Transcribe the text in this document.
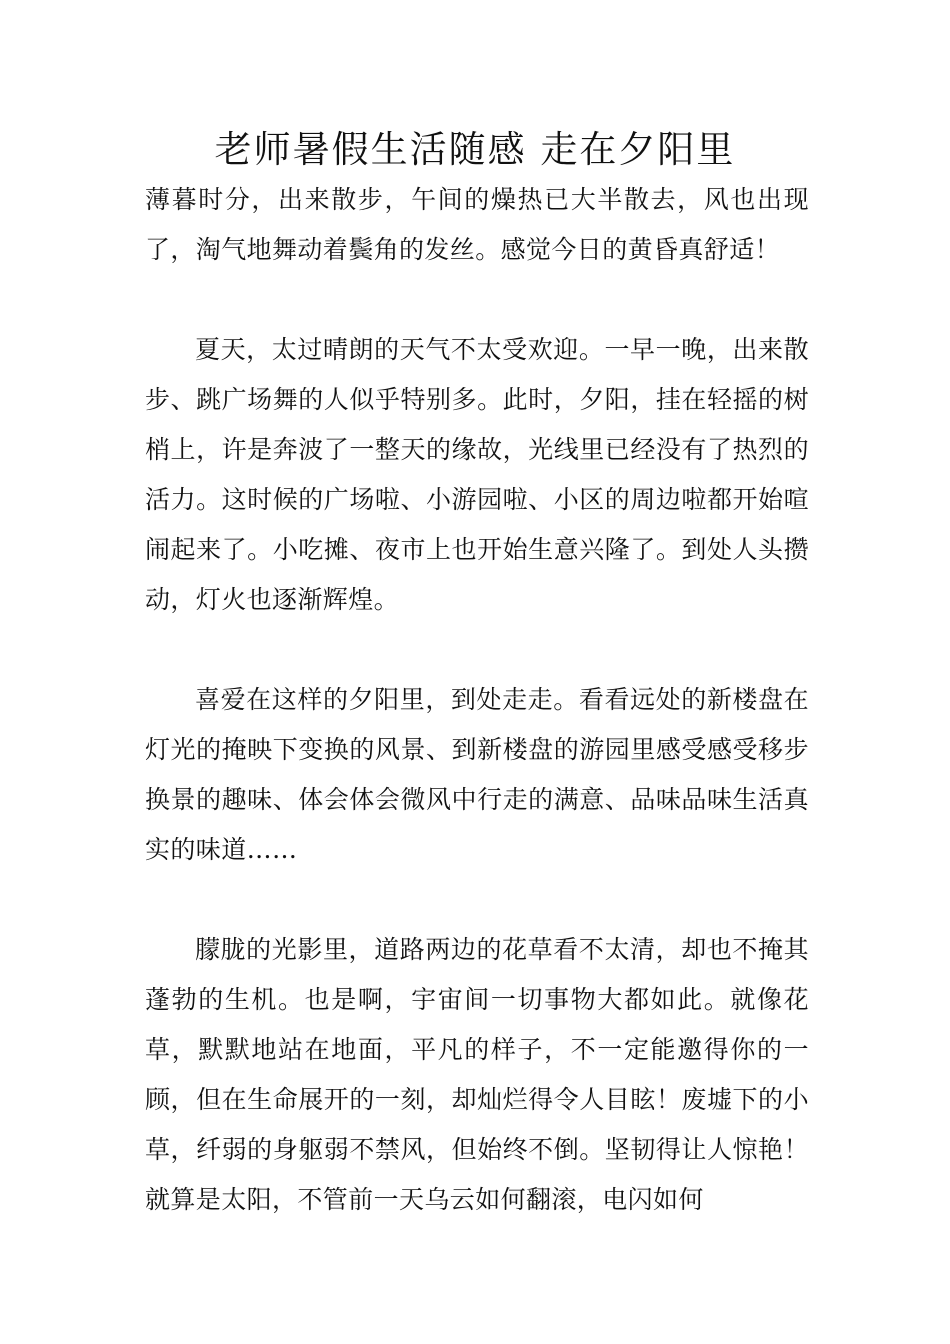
老师暑假生活随感 走在夕阳里

薄暮时分，出来散步，午间的燥热已大半散去，风也出现了，淘气地舞动着鬓角的发丝。感觉今日的黄昏真舒适！

夏天，太过晴朗的天气不太受欢迎。一早一晚，出来散步、跳广场舞的人似乎特别多。此时，夕阳，挂在轻摇的树梢上，许是奔波了一整天的缘故，光线里已经没有了热烈的活力。这时候的广场啦、小游园啦、小区的周边啦都开始喧闹起来了。小吃摊、夜市上也开始生意兴隆了。到处人头攒动，灯火也逐渐辉煌。

喜爱在这样的夕阳里，到处走走。看看远处的新楼盘在灯光的掩映下变换的风景、到新楼盘的游园里感受感受移步换景的趣味、体会体会微风中行走的满意、品味品味生活真实的味道……

朦胧的光影里，道路两边的花草看不太清，却也不掩其蓬勃的生机。也是啊，宇宙间一切事物大都如此。就像花草，默默地站在地面，平凡的样子，不一定能邀得你的一顾，但在生命展开的一刻，却灿烂得令人目眩！废墟下的小草，纤弱的身躯弱不禁风，但始终不倒。坚韧得让人惊艳！就算是太阳，不管前一天乌云如何翻滚，电闪如何
